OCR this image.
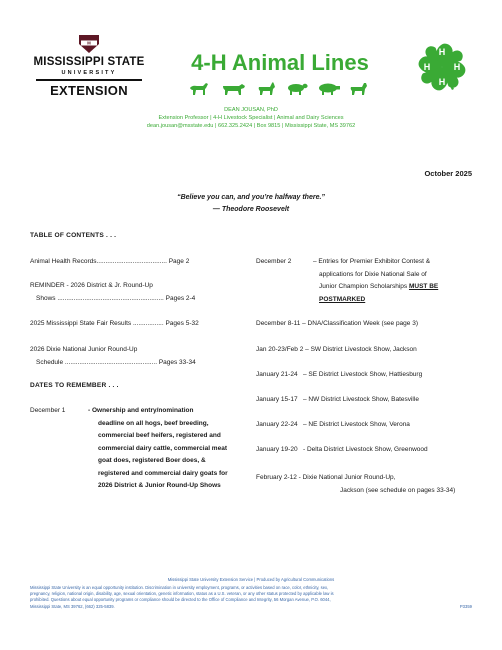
M
MISSISSIPPI STATE
UNIVERSITY
EXTENSION
4-H Animal Lines	H
H
H
H
DEAN JOUSAN, PhD
Extension Professor | 4-H Livestock Specialist | Animal and Dairy Sciences
dean.jousan@msstate.edu | 662.325.2424 | Box 9815 | Mississippi State, MS 39762
October 2025
“Believe you can, and you’re halfway there.”
— Theodore Roosevelt
TABLE OF CONTENTS . . .
Animal Health Records....................................... Page 2
REMINDER - 2026 District & Jr. Round-Up
Shows ........................................................... Pages 2-4
2025 Mississippi State Fair Results ................. Pages 5-32
2026 Dixie National Junior Round-Up
Schedule ................................................... Pages 33-34
DATES TO REMEMBER . . .
December 1	- Ownership and entry/nomination
deadline on all hogs, beef breeding,
commercial beef heifers, registered and
commercial dairy cattle, commercial meat
goat does, registered Boer does, &
registered and commercial dairy goats for
2026 District & Junior Round-Up Shows
December 2	– Entries for Premier Exhibitor Contest &
applications for Dixie National Sale of
Junior Champion Scholarships MUST BE
POSTMARKED
December 8-11 – DNA/Classification Week (see page 3)
Jan 20-23/Feb 2 – SW District Livestock Show, Jackson
January 21-24 – SE District Livestock Show, Hattiesburg
January 15-17 – NW District Livestock Show, Batesville
January 22-24 – NE District Livestock Show, Verona
January 19-20 - Delta District Livestock Show, Greenwood
February 2-12 - Dixie National Junior Round-Up,
Jackson (see schedule on pages 33-34)
Mississippi State University Extension Service | Produced by Agricultural Communications
Mississippi State University is an equal opportunity institution. Discrimination in university employment, programs, or activities based on race, color, ethnicity, sex,
pregnancy, religion, national origin, disability, age, sexual orientation, genetic information, status as a U.S. veteran, or any other status protected by applicable law is
prohibited. Questions about equal opportunity programs or compliance should be directed to the Office of Compliance and Integrity, 56 Morgan Avenue, P.O. 6044,
Mississippi State, MS 39762, (662) 325-5839.	P3359
